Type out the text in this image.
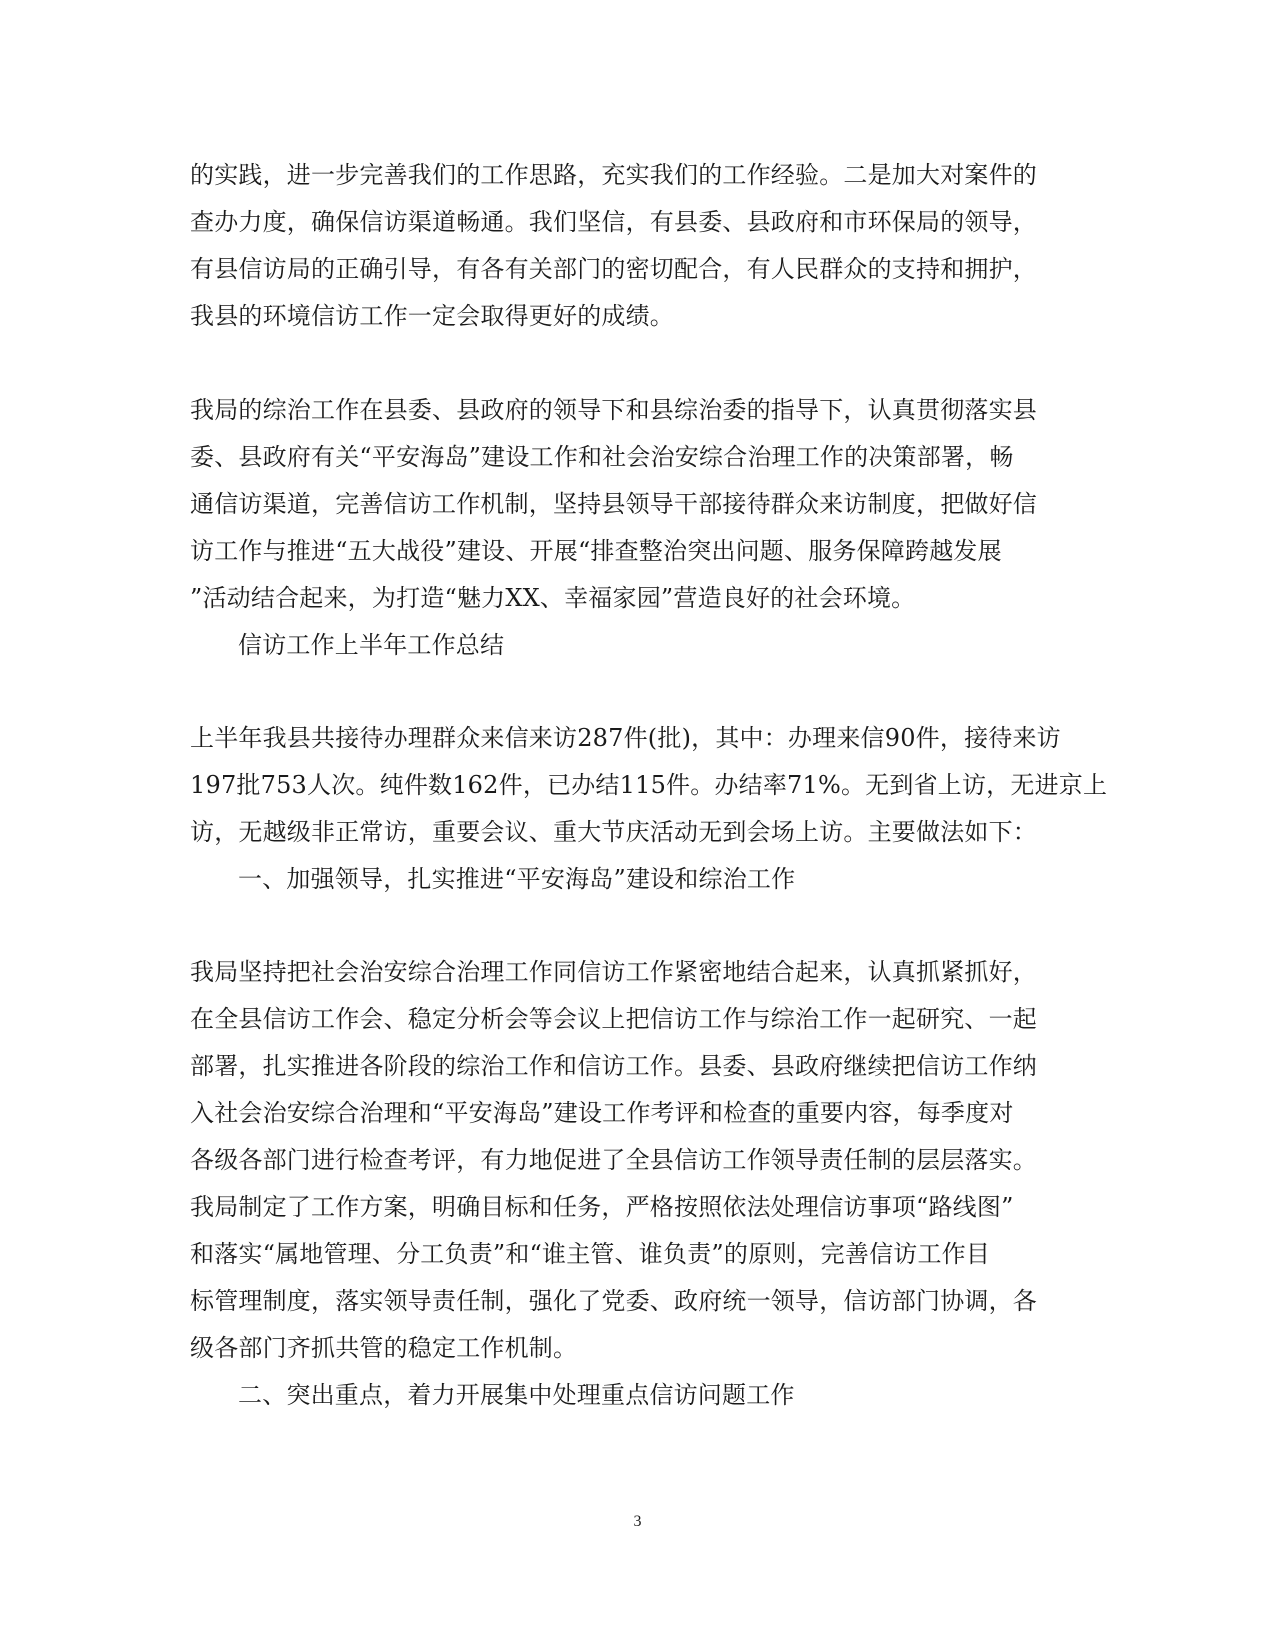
的实践，进一步完善我们的工作思路，充实我们的工作经验。二是加大对案件的
查办力度，确保信访渠道畅通。我们坚信，有县委、县政府和市环保局的领导，
有县信访局的正确引导，有各有关部门的密切配合，有人民群众的支持和拥护，
我县的环境信访工作一定会取得更好的成绩。
我局的综治工作在县委、县政府的领导下和县综治委的指导下，认真贯彻落实县
委、县政府有关“平安海岛”建设工作和社会治安综合治理工作的决策部署，畅
通信访渠道，完善信访工作机制，坚持县领导干部接待群众来访制度，把做好信
访工作与推进“五大战役”建设、开展“排查整治突出问题、服务保障跨越发展
”活动结合起来，为打造“魅力XX、幸福家园”营造良好的社会环境。
信访工作上半年工作总结
上半年我县共接待办理群众来信来访287件(批)，其中：办理来信90件，接待来访
197批753人次。纯件数162件，已办结115件。办结率71%。无到省上访，无进京上
访，无越级非正常访，重要会议、重大节庆活动无到会场上访。主要做法如下：
一、加强领导，扎实推进“平安海岛”建设和综治工作
我局坚持把社会治安综合治理工作同信访工作紧密地结合起来，认真抓紧抓好，
在全县信访工作会、稳定分析会等会议上把信访工作与综治工作一起研究、一起
部署，扎实推进各阶段的综治工作和信访工作。县委、县政府继续把信访工作纳
入社会治安综合治理和“平安海岛”建设工作考评和检查的重要内容，每季度对
各级各部门进行检查考评，有力地促进了全县信访工作领导责任制的层层落实。
我局制定了工作方案，明确目标和任务，严格按照依法处理信访事项“路线图”
和落实“属地管理、分工负责”和“谁主管、谁负责”的原则，完善信访工作目
标管理制度，落实领导责任制，强化了党委、政府统一领导，信访部门协调，各
级各部门齐抓共管的稳定工作机制。
二、突出重点，着力开展集中处理重点信访问题工作
3
